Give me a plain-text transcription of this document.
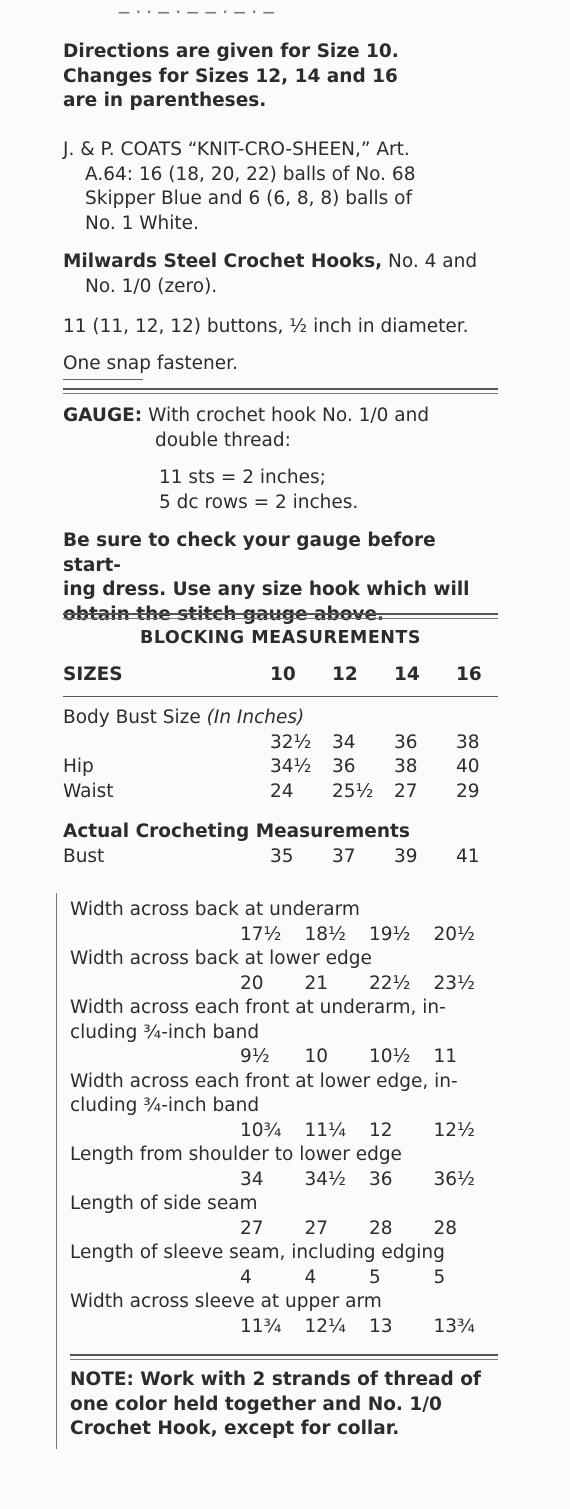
— · · — · — — · — · —

Directions are given for Size 10.

Changes for Sizes 12, 14 and 16

are in parentheses.

J. & P. COATS “KNIT-CRO-SHEEN,” Art.

A.64: 16 (18, 20, 22) balls of No. 68

Skipper Blue and 6 (6, 8, 8) balls of

No. 1 White.

Milwards Steel Crochet Hooks, No. 4 and

No. 1/0 (zero).

11 (11, 12, 12) buttons, ½ inch in diameter.
One snap fastener.

GAUGE: With crochet hook No. 1/0 and

double thread:

11 sts = 2 inches;

5 dc rows = 2 inches.

Be sure to check your gauge before start-

ing dress. Use any size hook which will

obtain the stitch gauge above.

BLOCKING MEASUREMENTS
SIZES	10	12	14	16

Body Bust Size (In Inches)

32½	34	36	38
Hip	34½	36	38	40
Waist	24	25½	27	29

Actual Crocheting Measurements

Bust	35	37	39	41

Width across back at underarm

17½	18½	19½	20½

Width across back at lower edge

20	21	22½	23½

Width across each front at underarm, in-

cluding ¾-inch band

9½	10	10½	11

Width across each front at lower edge, in-

cluding ¾-inch band

10¾	11¼	12	12½

Length from shoulder to lower edge

34	34½	36	36½

Length of side seam

27	27	28	28

Length of sleeve seam, including edging

4	4	5	5

Width across sleeve at upper arm

11¾	12¼	13	13¾

NOTE: Work with 2 strands of thread of

one color held together and No. 1/0

Crochet Hook, except for collar.
